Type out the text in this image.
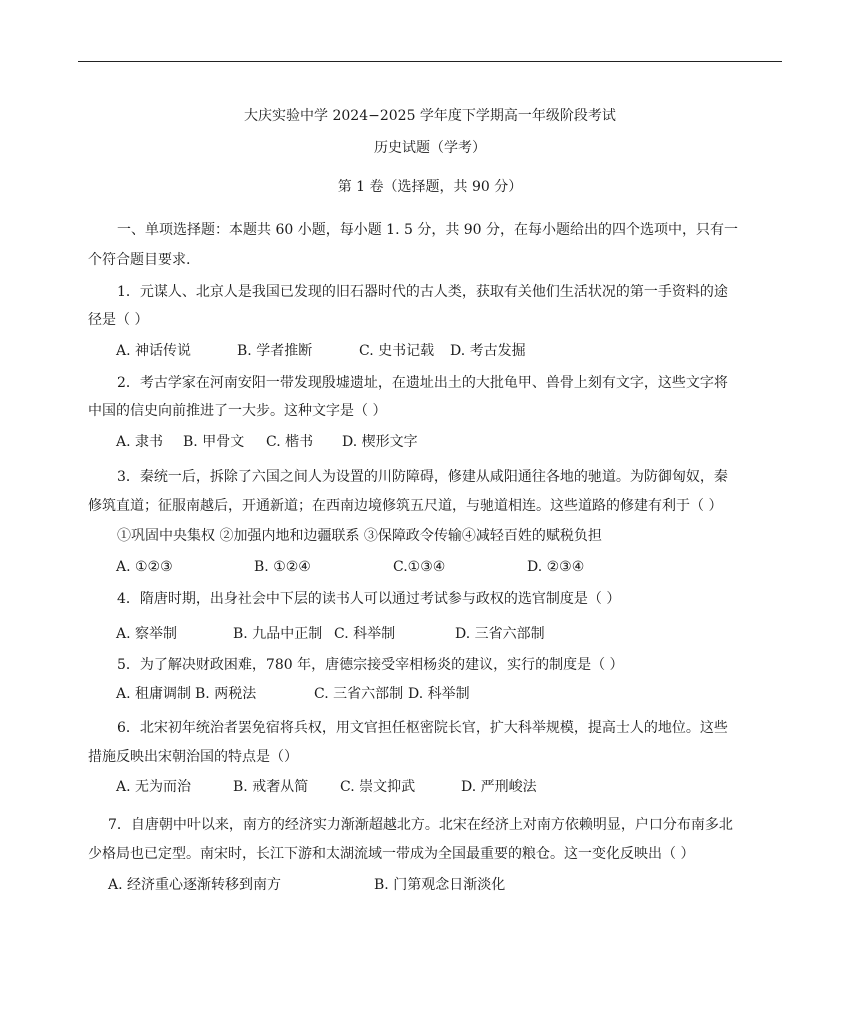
大庆实验中学 2024−2025 学年度下学期高一年级阶段考试
历史试题（学考）
第 1 卷（选择题，共 90 分）
一、单项选择题：本题共 60 小题，每小题 1. 5 分，共 90 分，在每小题给出的四个选项中，只有一
个符合题目要求.
1．元谋人、北京人是我国已发现的旧石器时代的古人类，获取有关他们生活状况的第一手资料的途
径是（ ）
A. 神话传说	B. 学者推断	C. 史书记载 D. 考古发掘
2．考古学家在河南安阳一带发现殷墟遗址，在遗址出土的大批龟甲、兽骨上刻有文字，这些文字将
中国的信史向前推进了一大步。这种文字是（ ）
A. 隶书 B. 甲骨文 C. 楷书 D. 楔形文字
3．秦统一后，拆除了六国之间人为设置的川防障碍，修建从咸阳通往各地的驰道。为防御匈奴，秦
修筑直道；征服南越后，开通新道；在西南边境修筑五尺道，与驰道相连。这些道路的修建有利于（ ）
①巩固中央集权 ②加强内地和边疆联系 ③保障政令传输④减轻百姓的赋税负担
A. ①②③	B. ①②④	C.①③④	D. ②③④
4．隋唐时期，出身社会中下层的读书人可以通过考试参与政权的选官制度是（ ）
A. 察举制	B. 九品中正制 C. 科举制	D. 三省六部制
5．为了解决财政困难，780 年，唐德宗接受宰相杨炎的建议，实行的制度是（ ）
A. 租庸调制 B. 两税法	C. 三省六部制 D. 科举制
6．北宋初年统治者罢免宿将兵权，用文官担任枢密院长官，扩大科举规模，提高士人的地位。这些
措施反映出宋朝治国的特点是（）
A. 无为而治	B. 戒奢从简 C. 崇文抑武	D. 严刑峻法
7．自唐朝中叶以来，南方的经济实力渐渐超越北方。北宋在经济上对南方依赖明显，户口分布南多北
少格局也已定型。南宋时，长江下游和太湖流域一带成为全国最重要的粮仓。这一变化反映出（ ）
A. 经济重心逐渐转移到南方	B. 门第观念日渐淡化
